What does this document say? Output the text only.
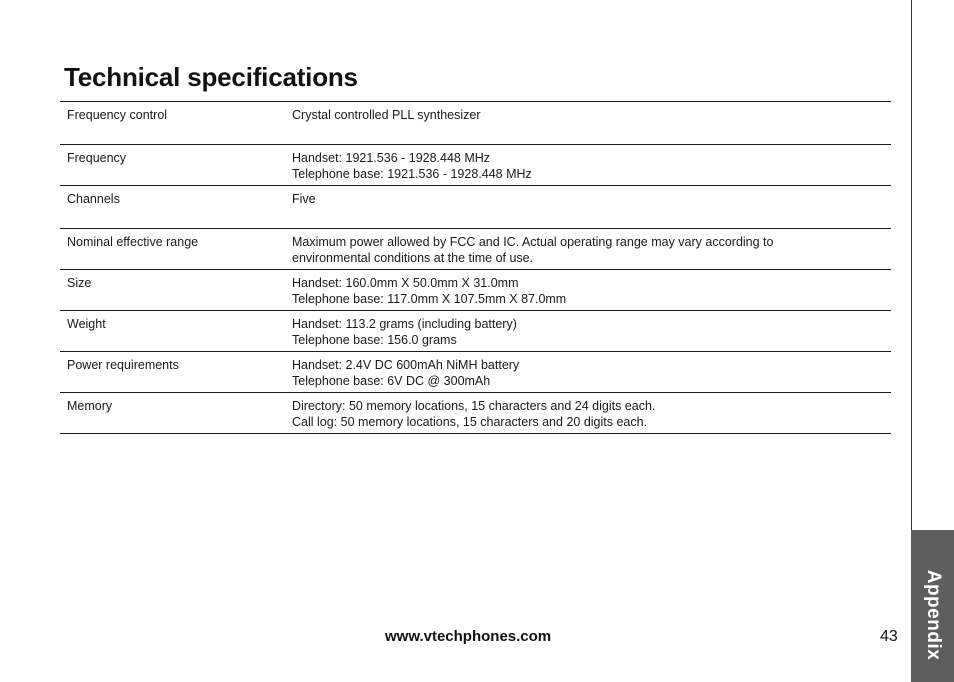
Appendix
Technical specifications
Frequency control	Crystal controlled PLL synthesizer

Frequency	Handset: 1921.536 - 1928.448 MHz
Telephone base: 1921.536 - 1928.448 MHz

Channels	Five

Nominal effective range	Maximum power allowed by FCC and IC. Actual operating range may vary according to
environmental conditions at the time of use.

Size	Handset: 160.0mm X 50.0mm X 31.0mm
Telephone base: 117.0mm X 107.5mm X 87.0mm

Weight	Handset: 113.2 grams (including battery)
Telephone base: 156.0 grams

Power requirements	Handset: 2.4V DC 600mAh NiMH battery
Telephone base: 6V DC @ 300mAh

Memory	Directory: 50 memory locations, 15 characters and 24 digits each.
Call log: 50 memory locations, 15 characters and 20 digits each.
www.vtechphones.com	43
